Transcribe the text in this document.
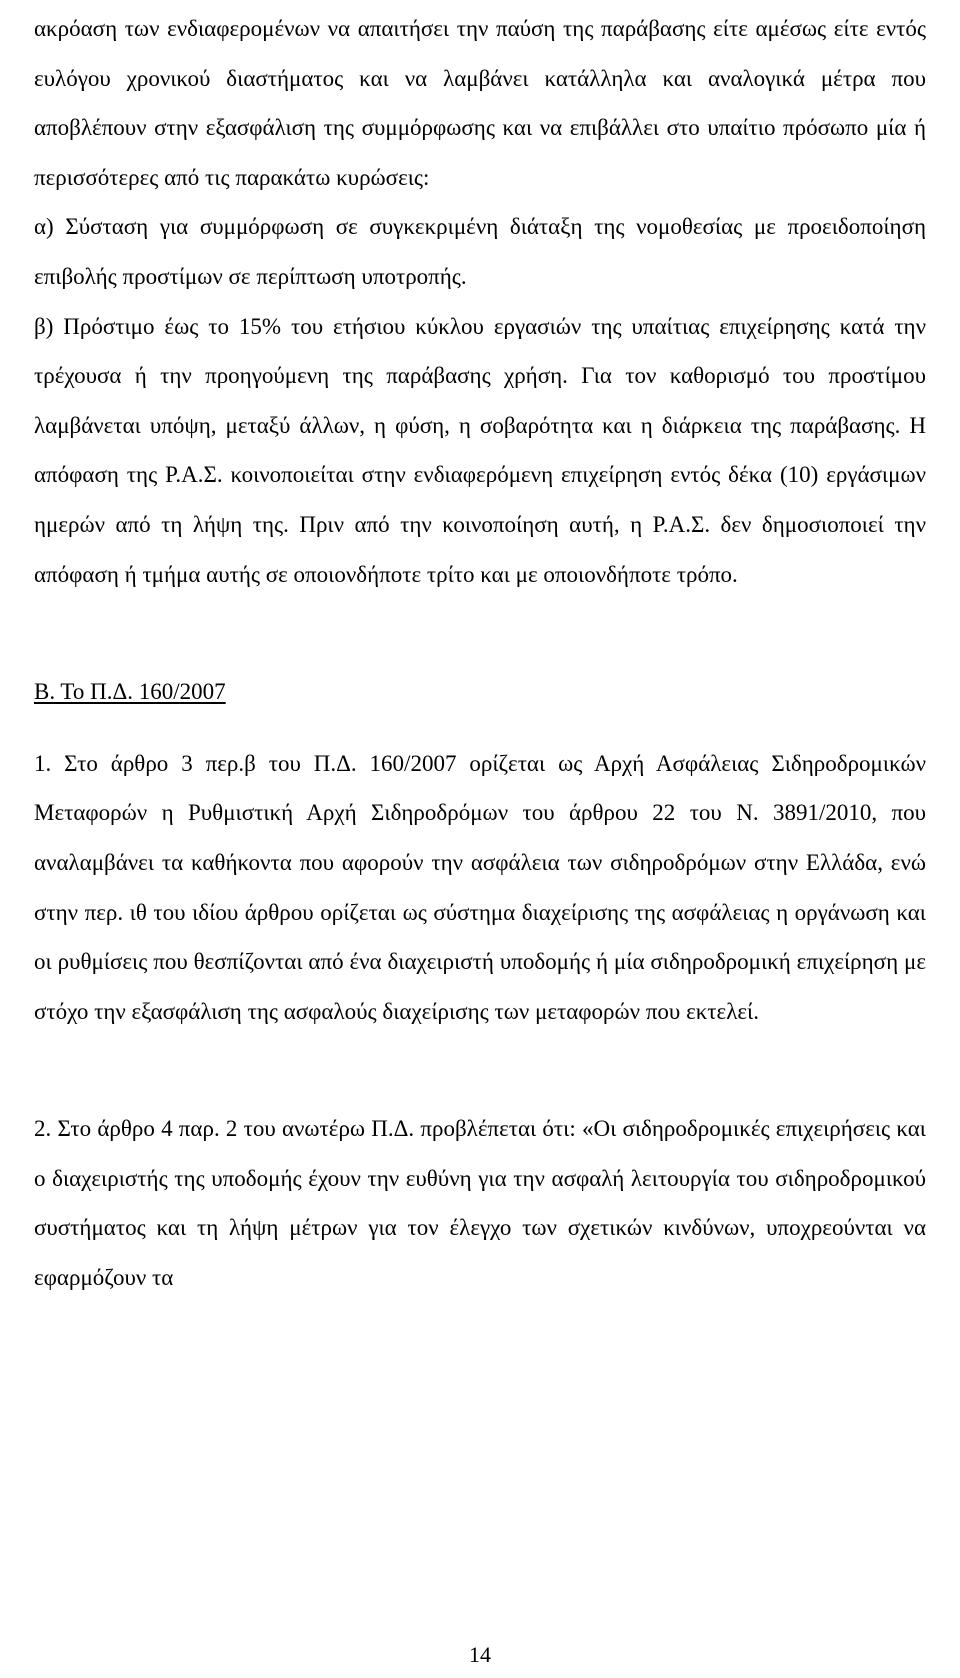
ακρόαση των ενδιαφερομένων να απαιτήσει την παύση της παράβασης είτε αμέσως είτε εντός ευλόγου χρονικού διαστήματος και να λαμβάνει κατάλληλα και αναλογικά μέτρα που αποβλέπουν στην εξασφάλιση της συμμόρφωσης και να επιβάλλει στο υπαίτιο πρόσωπο μία ή περισσότερες από τις παρακάτω κυρώσεις:

α) Σύσταση για συμμόρφωση σε συγκεκριμένη διάταξη της νομοθεσίας με προειδοποίηση επιβολής προστίμων σε περίπτωση υποτροπής.

β) Πρόστιμο έως το 15% του ετήσιου κύκλου εργασιών της υπαίτιας επιχείρησης κατά την τρέχουσα ή την προηγούμενη της παράβασης χρήση. Για τον καθορισμό του προστίμου λαμβάνεται υπόψη, μεταξύ άλλων, η φύση, η σοβαρότητα και η διάρκεια της παράβασης. Η απόφαση της Ρ.Α.Σ. κοινοποιείται στην ενδιαφερόμενη επιχείρηση εντός δέκα (10) εργάσιμων ημερών από τη λήψη της. Πριν από την κοινοποίηση αυτή, η Ρ.Α.Σ. δεν δημοσιοποιεί την απόφαση ή τμήμα αυτής σε οποιονδήποτε τρίτο και με οποιονδήποτε τρόπο.

Β. Το Π.Δ. 160/2007

1. Στο άρθρο 3 περ.β του Π.Δ. 160/2007 ορίζεται ως Αρχή Ασφάλειας Σιδηροδρομικών Μεταφορών η Ρυθμιστική Αρχή Σιδηροδρόμων του άρθρου 22 του Ν. 3891/2010, που αναλαμβάνει τα καθήκοντα που αφορούν την ασφάλεια των σιδηροδρόμων στην Ελλάδα, ενώ στην περ. ιθ του ιδίου άρθρου ορίζεται ως σύστημα διαχείρισης της ασφάλειας η οργάνωση και οι ρυθμίσεις που θεσπίζονται από ένα διαχειριστή υποδομής ή μία σιδηροδρομική επιχείρηση με στόχο την εξασφάλιση της ασφαλούς διαχείρισης των μεταφορών που εκτελεί.

2. Στο άρθρο 4 παρ. 2 του ανωτέρω Π.Δ. προβλέπεται ότι: «Οι σιδηροδρομικές επιχειρήσεις και ο διαχειριστής της υποδομής έχουν την ευθύνη για την ασφαλή λειτουργία του σιδηροδρομικού συστήματος και τη λήψη μέτρων για τον έλεγχο των σχετικών κινδύνων, υποχρεούνται να εφαρμόζουν τα

14
